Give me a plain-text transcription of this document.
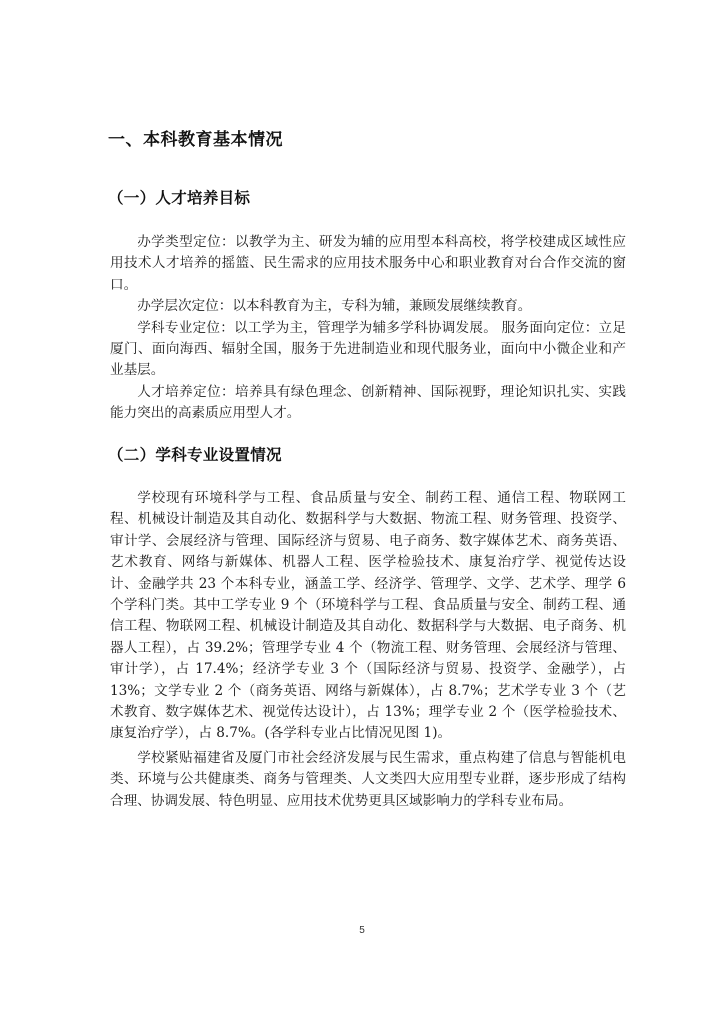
一、本科教育基本情况
（一）人才培养目标

办学类型定位：以教学为主、研发为辅的应用型本科高校，将学校建成区域性应用技术人才培养的摇篮、民生需求的应用技术服务中心和职业教育对台合作交流的窗口。

办学层次定位：以本科教育为主，专科为辅，兼顾发展继续教育。

学科专业定位：以工学为主，管理学为辅多学科协调发展。 服务面向定位：立足厦门、面向海西、辐射全国，服务于先进制造业和现代服务业，面向中小微企业和产业基层。

人才培养定位：培养具有绿色理念、创新精神、国际视野，理论知识扎实、实践能力突出的高素质应用型人才。

（二）学科专业设置情况

学校现有环境科学与工程、食品质量与安全、制药工程、通信工程、物联网工程、机械设计制造及其自动化、数据科学与大数据、物流工程、财务管理、投资学、审计学、会展经济与管理、国际经济与贸易、电子商务、数字媒体艺术、商务英语、艺术教育、网络与新媒体、机器人工程、医学检验技术、康复治疗学、视觉传达设计、金融学共 23 个本科专业，涵盖工学、经济学、管理学、文学、艺术学、理学 6 个学科门类。其中工学专业 9 个（环境科学与工程、食品质量与安全、制药工程、通信工程、物联网工程、机械设计制造及其自动化、数据科学与大数据、电子商务、机器人工程），占 39.2%；管理学专业 4 个（物流工程、财务管理、会展经济与管理、审计学），占 17.4%；经济学专业 3 个（国际经济与贸易、投资学、金融学），占 13%；文学专业 2 个（商务英语、网络与新媒体），占 8.7%；艺术学专业 3 个（艺术教育、数字媒体艺术、视觉传达设计），占 13%；理学专业 2 个（医学检验技术、康复治疗学），占 8.7%。(各学科专业占比情况见图 1)。

学校紧贴福建省及厦门市社会经济发展与民生需求，重点构建了信息与智能机电类、环境与公共健康类、商务与管理类、人文类四大应用型专业群，逐步形成了结构合理、协调发展、特色明显、应用技术优势更具区域影响力的学科专业布局。

5
